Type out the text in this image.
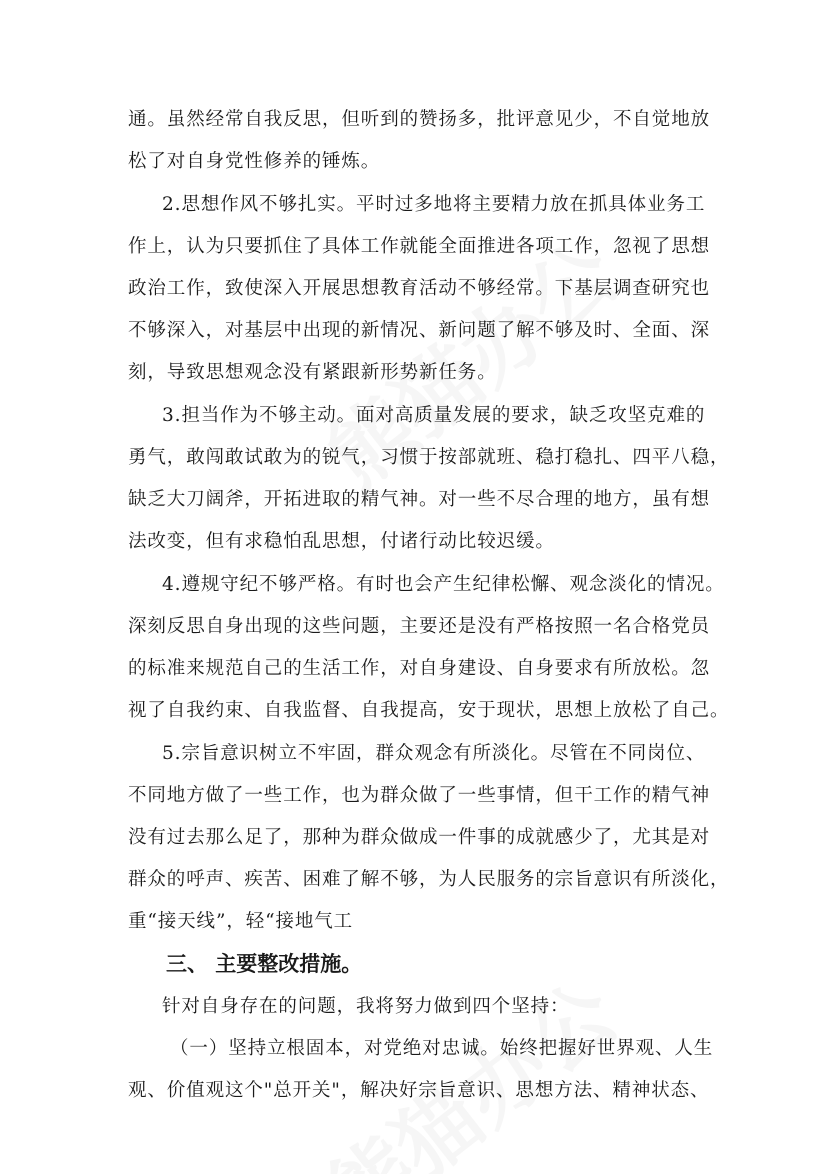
通。虽然经常自我反思，但听到的赞扬多，批评意见少，不自觉地放
松了对自身党性修养的锤炼。
2.思想作风不够扎实。平时过多地将主要精力放在抓具体业务工
作上，认为只要抓住了具体工作就能全面推进各项工作，忽视了思想
政治工作，致使深入开展思想教育活动不够经常。下基层调查研究也
不够深入，对基层中出现的新情况、新问题了解不够及时、全面、深
刻，导致思想观念没有紧跟新形势新任务。
3.担当作为不够主动。面对高质量发展的要求，缺乏攻坚克难的
勇气，敢闯敢试敢为的锐气，习惯于按部就班、稳打稳扎、四平八稳，
缺乏大刀阔斧，开拓进取的精气神。对一些不尽合理的地方，虽有想
法改变，但有求稳怕乱思想，付诸行动比较迟缓。
4.遵规守纪不够严格。有时也会产生纪律松懈、观念淡化的情况。
深刻反思自身出现的这些问题，主要还是没有严格按照一名合格党员
的标准来规范自己的生活工作，对自身建设、自身要求有所放松。忽
视了自我约束、自我监督、自我提高，安于现状，思想上放松了自己。
5.宗旨意识树立不牢固，群众观念有所淡化。尽管在不同岗位、
不同地方做了一些工作，也为群众做了一些事情，但干工作的精气神
没有过去那么足了，那种为群众做成一件事的成就感少了，尤其是对
群众的呼声、疾苦、困难了解不够，为人民服务的宗旨意识有所淡化，
重“接天线”，轻“接地气工
三、 主要整改措施。
针对自身存在的问题，我将努力做到四个坚持：
（一）坚持立根固本，对党绝对忠诚。始终把握好世界观、人生
观、价值观这个"总开关"，解决好宗旨意识、思想方法、精神状态、
